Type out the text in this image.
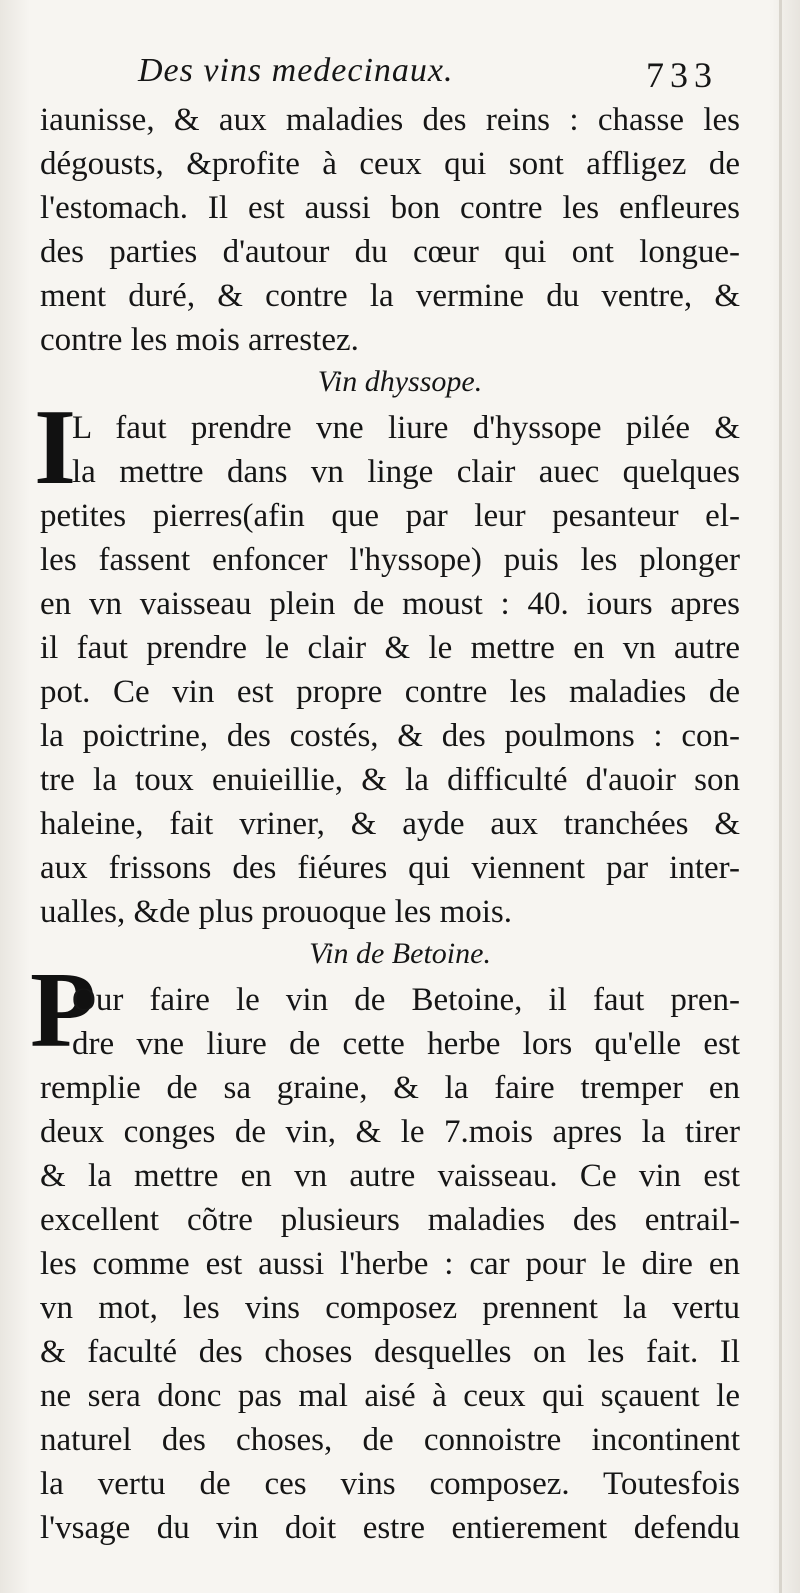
Des vins medecinaux.	733
iaunisse, & aux maladies des reins : chasse les
dégousts, &profite à ceux qui sont affligez de
l'estomach. Il est aussi bon contre les enfleures
des parties d'autour du cœur qui ont longue-
ment duré, & contre la vermine du ventre, &
contre les mois arrestez.
Vin dhyssope.
I
L faut prendre vne liure d'hyssope pilée &
la mettre dans vn linge clair auec quelques
petites pierres(afin que par leur pesanteur el-
les fassent enfoncer l'hyssope) puis les plonger
en vn vaisseau plein de moust : 40. iours apres
il faut prendre le clair & le mettre en vn autre
pot. Ce vin est propre contre les maladies de
la poictrine, des costés, & des poulmons : con-
tre la toux enuieillie, & la difficulté d'auoir son
haleine, fait vriner, & ayde aux tranchées &
aux frissons des fiéures qui viennent par inter-
ualles, &de plus prouoque les mois.
Vin de Betoine.
P
Our faire le vin de Betoine, il faut pren-
dre vne liure de cette herbe lors qu'elle est
remplie de sa graine, & la faire tremper en
deux conges de vin, & le 7.mois apres la tirer
& la mettre en vn autre vaisseau. Ce vin est
excellent cõtre plusieurs maladies des entrail-
les comme est aussi l'herbe : car pour le dire en
vn mot, les vins composez prennent la vertu
& faculté des choses desquelles on les fait. Il
ne sera donc pas mal aisé à ceux qui sçauent le
naturel des choses, de connoistre incontinent
la vertu de ces vins composez. Toutesfois
l'vsage du vin doit estre entierement defendu
